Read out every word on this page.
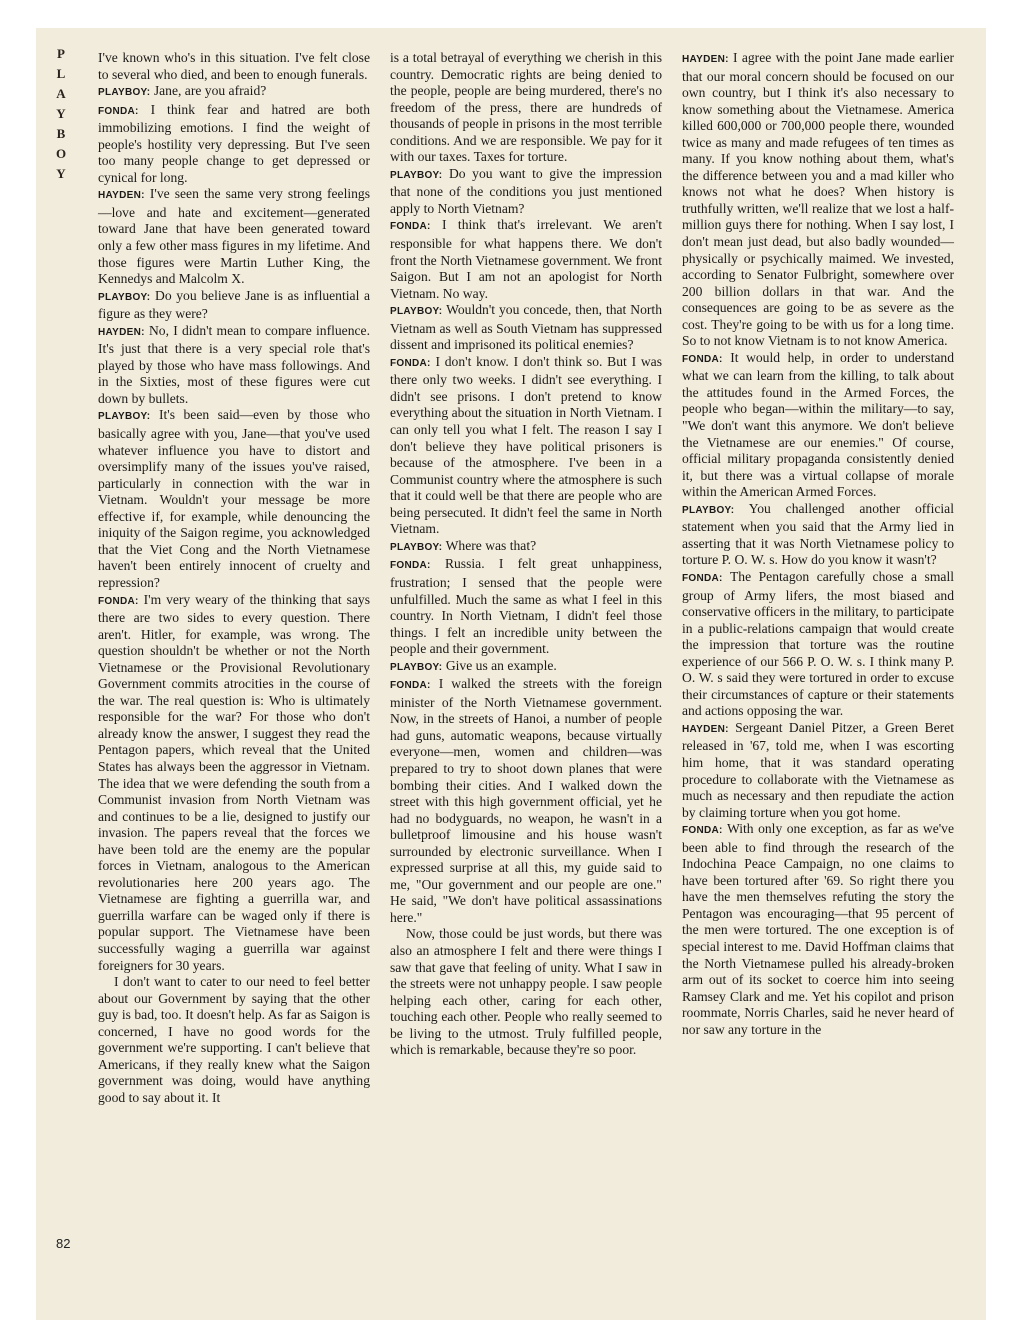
P
L
A
Y
B
O
Y
82

I've known who's in this situation. I've felt close to several who died, and been to enough funerals.

PLAYBOY: Jane, are you afraid?

FONDA: I think fear and hatred are both immobilizing emotions. I find the weight of people's hostility very depressing. But I've seen too many people change to get depressed or cynical for long.

HAYDEN: I've seen the same very strong feelings—love and hate and excitement—generated toward Jane that have been generated toward only a few other mass figures in my lifetime. And those figures were Martin Luther King, the Kennedys and Malcolm X.

PLAYBOY: Do you believe Jane is as influential a figure as they were?

HAYDEN: No, I didn't mean to compare influence. It's just that there is a very special role that's played by those who have mass followings. And in the Sixties, most of these figures were cut down by bullets.

PLAYBOY: It's been said—even by those who basically agree with you, Jane—that you've used whatever influence you have to distort and oversimplify many of the issues you've raised, particularly in connection with the war in Vietnam. Wouldn't your message be more effective if, for example, while denouncing the iniquity of the Saigon regime, you acknowledged that the Viet Cong and the North Vietnamese haven't been entirely innocent of cruelty and repression?

FONDA: I'm very weary of the thinking that says there are two sides to every question. There aren't. Hitler, for example, was wrong. The question shouldn't be whether or not the North Vietnamese or the Provisional Revolutionary Government commits atrocities in the course of the war. The real question is: Who is ultimately responsible for the war? For those who don't already know the answer, I suggest they read the Pentagon papers, which reveal that the United States has always been the aggressor in Vietnam. The idea that we were defending the south from a Communist invasion from North Vietnam was and continues to be a lie, designed to justify our invasion. The papers reveal that the forces we have been told are the enemy are the popular forces in Vietnam, analogous to the American revolutionaries here 200 years ago. The Vietnamese are fighting a guerrilla war, and guerrilla warfare can be waged only if there is popular support. The Vietnamese have been successfully waging a guerrilla war against foreigners for 30 years.

I don't want to cater to our need to feel better about our Government by saying that the other guy is bad, too. It doesn't help. As far as Saigon is concerned, I have no good words for the government we're supporting. I can't believe that Americans, if they really knew what the Saigon government was doing, would have anything good to say about it. It

is a total betrayal of everything we cherish in this country. Democratic rights are being denied to the people, people are being murdered, there's no freedom of the press, there are hundreds of thousands of people in prisons in the most terrible conditions. And we are responsible. We pay for it with our taxes. Taxes for torture.

PLAYBOY: Do you want to give the impression that none of the conditions you just mentioned apply to North Vietnam?

FONDA: I think that's irrelevant. We aren't responsible for what happens there. We don't front the North Vietnamese government. We front Saigon. But I am not an apologist for North Vietnam. No way.

PLAYBOY: Wouldn't you concede, then, that North Vietnam as well as South Vietnam has suppressed dissent and imprisoned its political enemies?

FONDA: I don't know. I don't think so. But I was there only two weeks. I didn't see everything. I didn't see prisons. I don't pretend to know everything about the situation in North Vietnam. I can only tell you what I felt. The reason I say I don't believe they have political prisoners is because of the atmosphere. I've been in a Communist country where the atmosphere is such that it could well be that there are people who are being persecuted. It didn't feel the same in North Vietnam.

PLAYBOY: Where was that?

FONDA: Russia. I felt great unhappiness, frustration; I sensed that the people were unfulfilled. Much the same as what I feel in this country. In North Vietnam, I didn't feel those things. I felt an incredible unity between the people and their government.

PLAYBOY: Give us an example.

FONDA: I walked the streets with the foreign minister of the North Vietnamese government. Now, in the streets of Hanoi, a number of people had guns, automatic weapons, because virtually everyone—men, women and children—was prepared to try to shoot down planes that were bombing their cities. And I walked down the street with this high government official, yet he had no bodyguards, no weapon, he wasn't in a bulletproof limousine and his house wasn't surrounded by electronic surveillance. When I expressed surprise at all this, my guide said to me, "Our government and our people are one." He said, "We don't have political assassinations here."

Now, those could be just words, but there was also an atmosphere I felt and there were things I saw that gave that feeling of unity. What I saw in the streets were not unhappy people. I saw people helping each other, caring for each other, touching each other. People who really seemed to be living to the utmost. Truly fulfilled people, which is remarkable, because they're so poor.

HAYDEN: I agree with the point Jane made earlier that our moral concern should be focused on our own country, but I think it's also necessary to know something about the Vietnamese. America killed 600,000 or 700,000 people there, wounded twice as many and made refugees of ten times as many. If you know nothing about them, what's the difference between you and a mad killer who knows not what he does? When history is truthfully written, we'll realize that we lost a half-million guys there for nothing. When I say lost, I don't mean just dead, but also badly wounded—physically or psychically maimed. We invested, according to Senator Fulbright, somewhere over 200 billion dollars in that war. And the consequences are going to be as severe as the cost. They're going to be with us for a long time. So to not know Vietnam is to not know America.

FONDA: It would help, in order to understand what we can learn from the killing, to talk about the attitudes found in the Armed Forces, the people who began—within the military—to say, "We don't want this anymore. We don't believe the Vietnamese are our enemies." Of course, official military propaganda consistently denied it, but there was a virtual collapse of morale within the American Armed Forces.

PLAYBOY: You challenged another official statement when you said that the Army lied in asserting that it was North Vietnamese policy to torture P. O. W. s. How do you know it wasn't?

FONDA: The Pentagon carefully chose a small group of Army lifers, the most biased and conservative officers in the military, to participate in a public-relations campaign that would create the impression that torture was the routine experience of our 566 P. O. W. s. I think many P. O. W. s said they were tortured in order to excuse their circumstances of capture or their statements and actions opposing the war.

HAYDEN: Sergeant Daniel Pitzer, a Green Beret released in '67, told me, when I was escorting him home, that it was standard operating procedure to collaborate with the Vietnamese as much as necessary and then repudiate the action by claiming torture when you got home.

FONDA: With only one exception, as far as we've been able to find through the research of the Indochina Peace Campaign, no one claims to have been tortured after '69. So right there you have the men themselves refuting the story the Pentagon was encouraging—that 95 percent of the men were tortured. The one exception is of special interest to me. David Hoffman claims that the North Vietnamese pulled his already-broken arm out of its socket to coerce him into seeing Ramsey Clark and me. Yet his copilot and prison roommate, Norris Charles, said he never heard of nor saw any torture in the
